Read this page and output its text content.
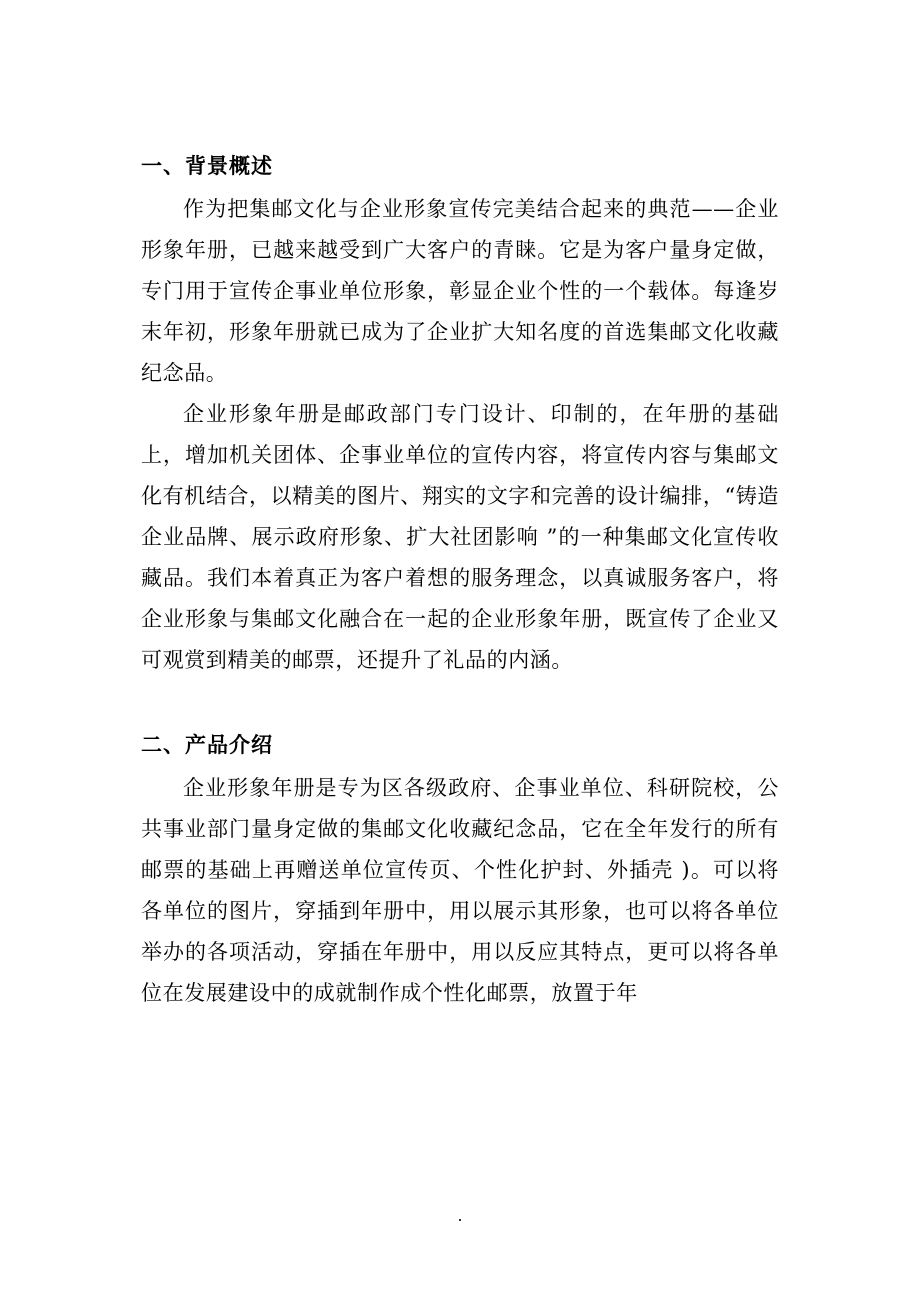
一、背景概述

作为把集邮文化与企业形象宣传完美结合起来的典范——企业形象年册，已越来越受到广大客户的青睐。它是为客户量身定做，专门用于宣传企事业单位形象，彰显企业个性的一个载体。每逢岁末年初，形象年册就已成为了企业扩大知名度的首选集邮文化收藏纪念品。

企业形象年册是邮政部门专门设计、印制的，在年册的基础上，增加机关团体、企事业单位的宣传内容，将宣传内容与集邮文化有机结合，以精美的图片、翔实的文字和完善的设计编排，“铸造企业品牌、展示政府形象、扩大社团影响 ”的一种集邮文化宣传收藏品。我们本着真正为客户着想的服务理念，以真诚服务客户，将企业形象与集邮文化融合在一起的企业形象年册，既宣传了企业又可观赏到精美的邮票，还提升了礼品的内涵。

二、产品介绍

企业形象年册是专为区各级政府、企事业单位、科研院校，公共事业部门量身定做的集邮文化收藏纪念品，它在全年发行的所有邮票的基础上再赠送单位宣传页、个性化护封、外插壳 )。可以将各单位的图片，穿插到年册中，用以展示其形象，也可以将各单位举办的各项活动，穿插在年册中，用以反应其特点，更可以将各单位在发展建设中的成就制作成个性化邮票，放置于年

.
